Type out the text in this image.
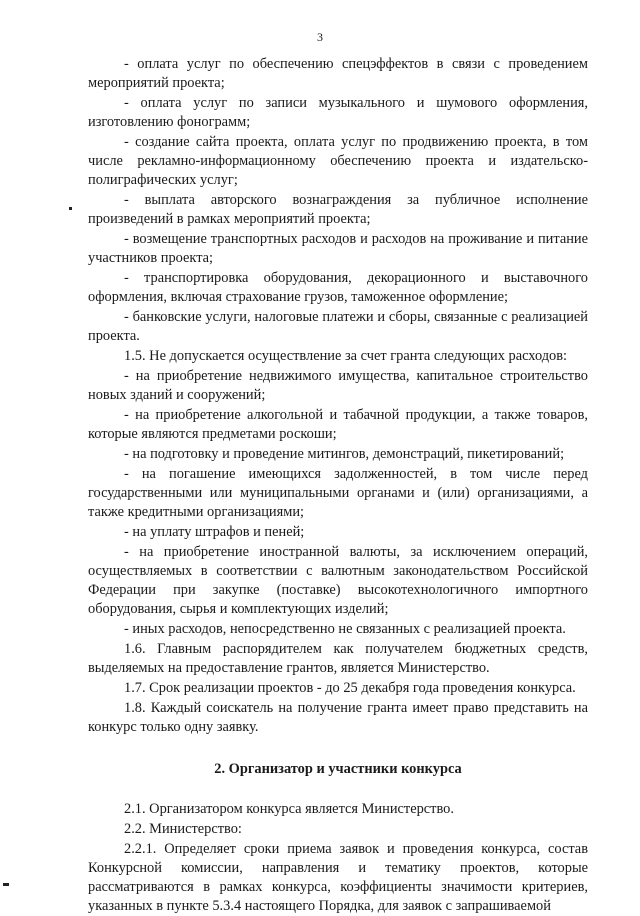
3

- оплата услуг по обеспечению спецэффектов в связи с проведением мероприятий проекта;

- оплата услуг по записи музыкального и шумового оформления, изготовлению фонограмм;

- создание сайта проекта, оплата услуг по продвижению проекта, в том числе рекламно-информационному обеспечению проекта и издательско-полиграфических услуг;

- выплата авторского вознаграждения за публичное исполнение произведений в рамках мероприятий проекта;

- возмещение транспортных расходов и расходов на проживание и питание участников проекта;

- транспортировка оборудования, декорационного и выставочного оформления, включая страхование грузов, таможенное оформление;

- банковские услуги, налоговые платежи и сборы, связанные с реализацией проекта.

1.5. Не допускается осуществление за счет гранта следующих расходов:

- на приобретение недвижимого имущества, капитальное строительство новых зданий и сооружений;

- на приобретение алкогольной и табачной продукции, а также товаров, которые являются предметами роскоши;

- на подготовку и проведение митингов, демонстраций, пикетирований;

- на погашение имеющихся задолженностей, в том числе перед государственными или муниципальными органами и (или) организациями, а также кредитными организациями;

- на уплату штрафов и пеней;

- на приобретение иностранной валюты, за исключением операций, осуществляемых в соответствии с валютным законодательством Российской Федерации при закупке (поставке) высокотехнологичного импортного оборудования, сырья и комплектующих изделий;

- иных расходов, непосредственно не связанных с реализацией проекта.

1.6. Главным распорядителем как получателем бюджетных средств, выделяемых на предоставление грантов, является Министерство.

1.7. Срок реализации проектов - до 25 декабря года проведения конкурса.

1.8. Каждый соискатель на получение гранта имеет право представить на конкурс только одну заявку.

2. Организатор и участники конкурса

2.1. Организатором конкурса является Министерство.

2.2. Министерство:

2.2.1. Определяет сроки приема заявок и проведения конкурса, состав Конкурсной комиссии, направления и тематику проектов, которые рассматриваются в рамках конкурса, коэффициенты значимости критериев, указанных в пункте 5.3.4 настоящего Порядка, для заявок с запрашиваемой
